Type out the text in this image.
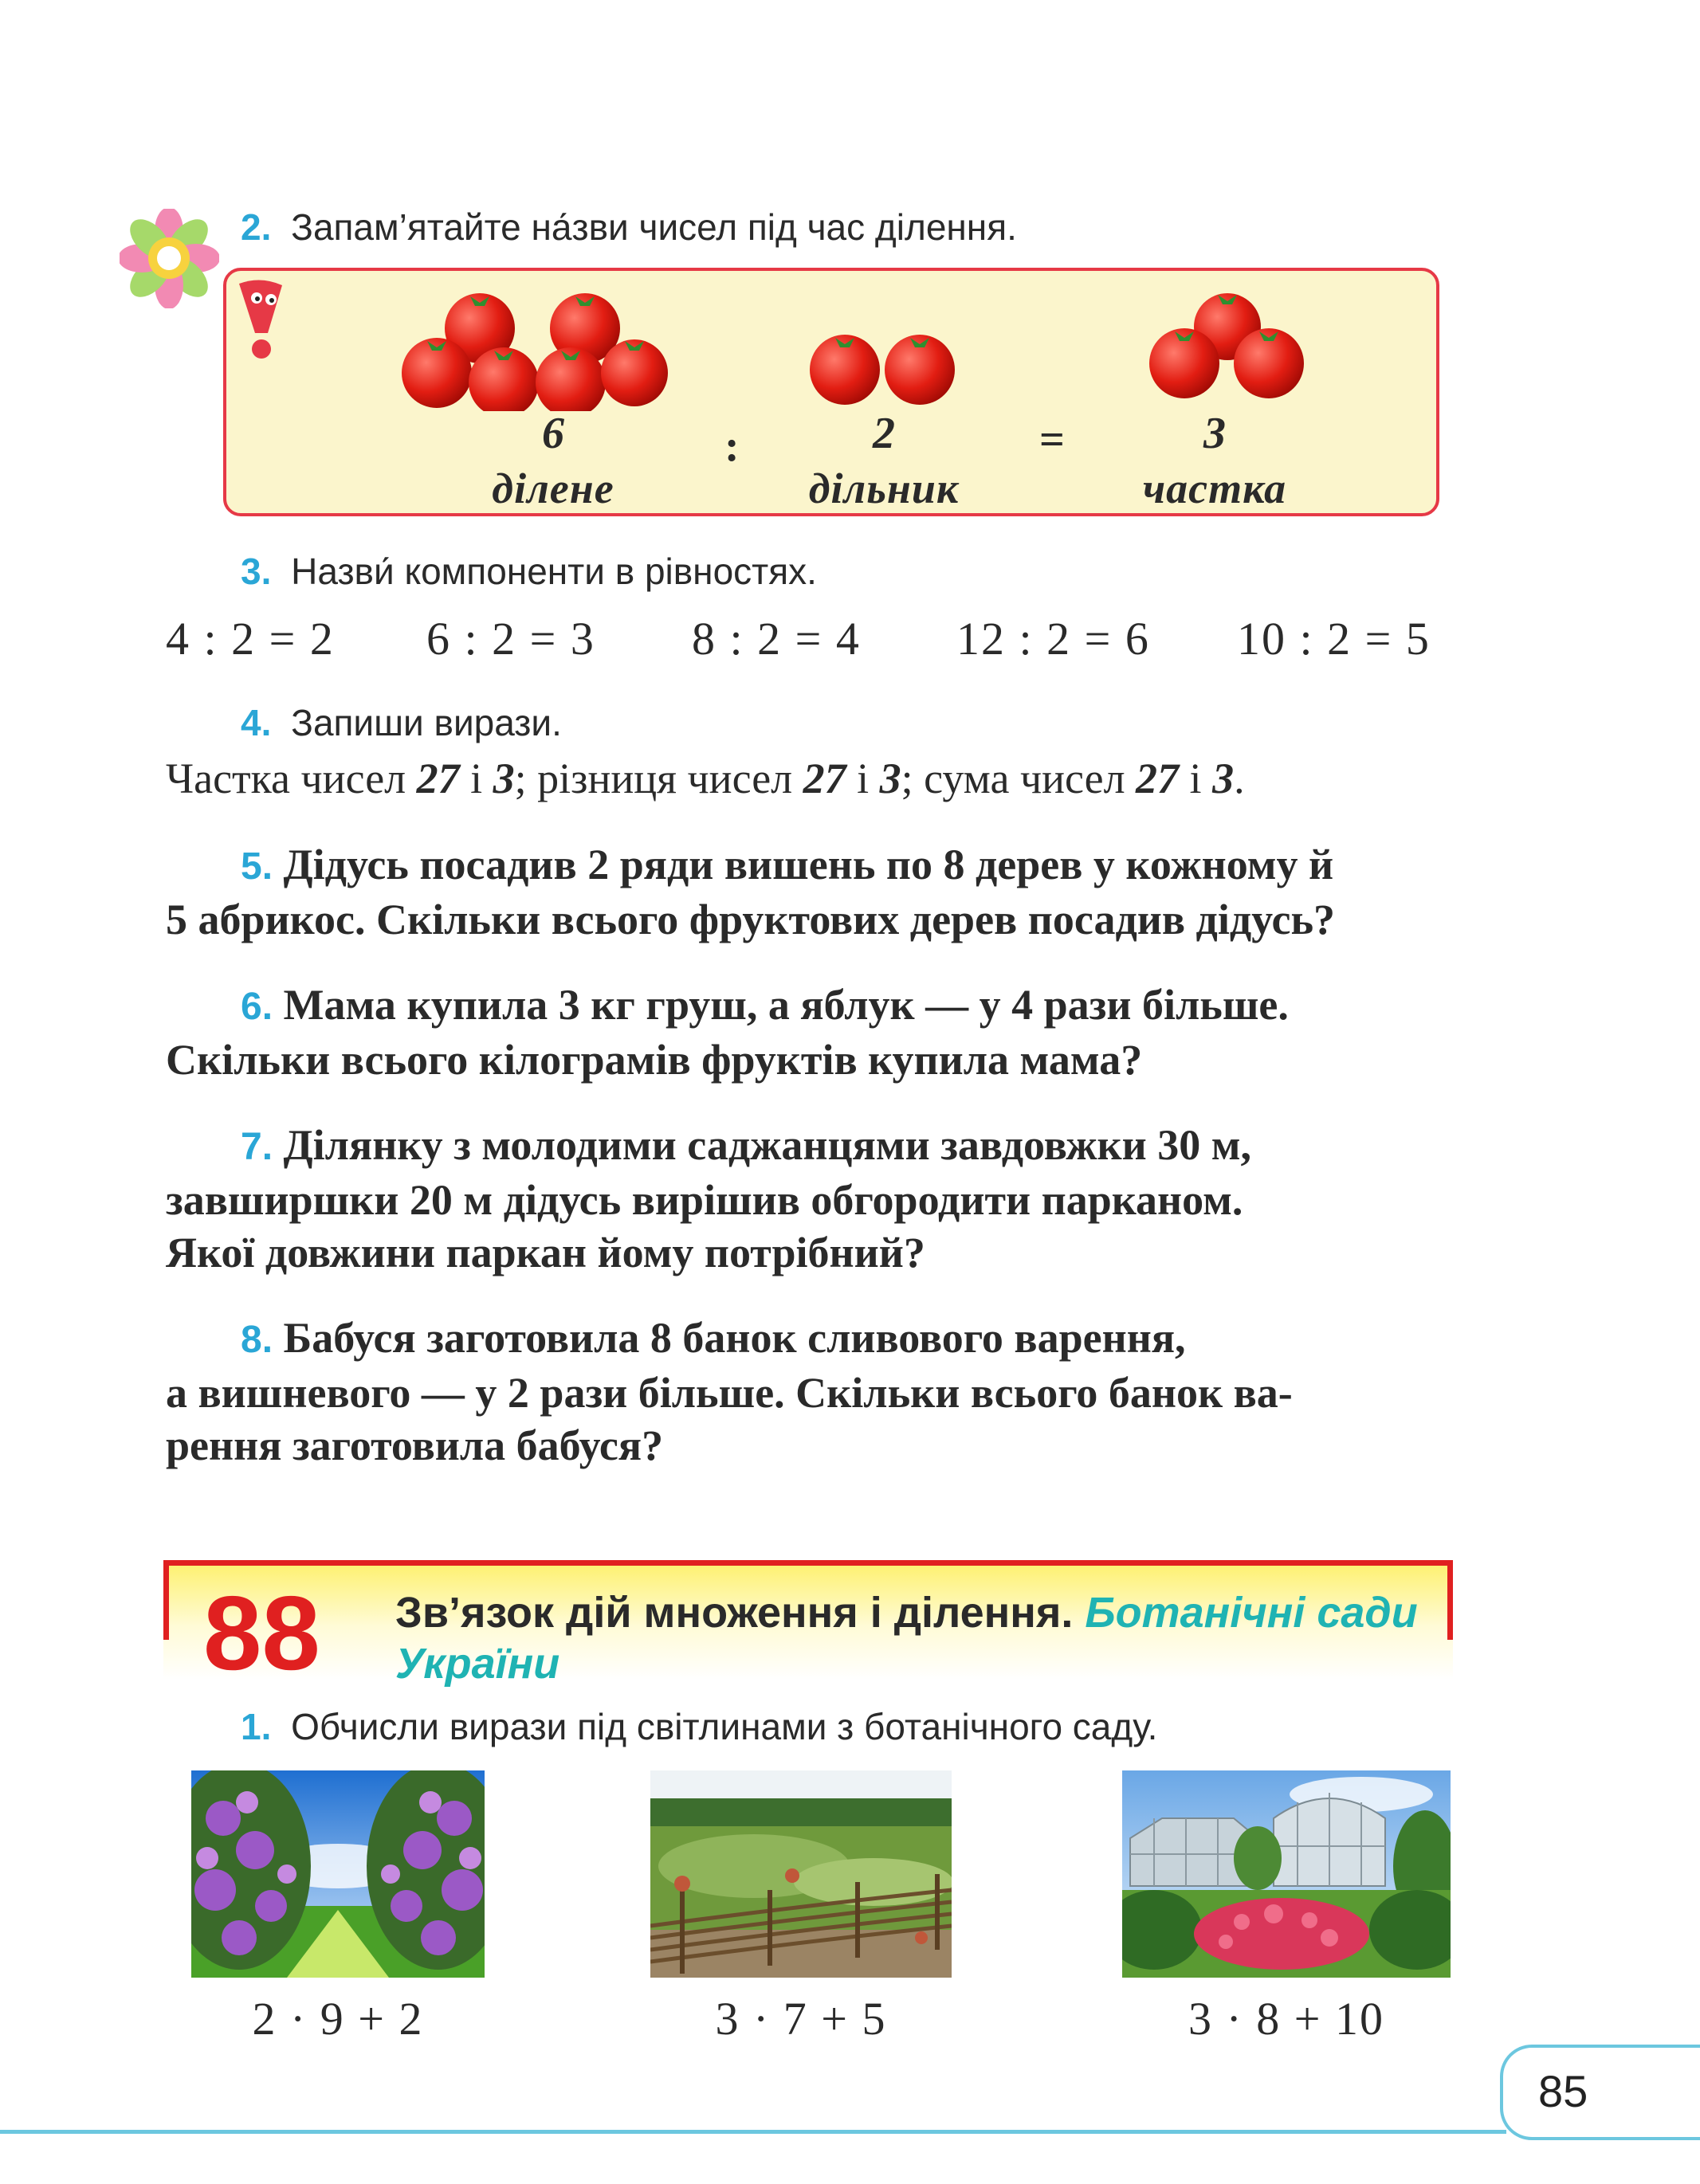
2. Запам’ятайте на́зви чисел під час ділення.
6
ділене
:	2
дільник
=	3
частка
3. Назви́ компоненти в рівностях.
4 : 2 = 2 6 : 2 = 3 8 : 2 = 4 12 : 2 = 6 10 : 2 = 5
4. Запиши вирази.
Частка чисел 27 і 3; різниця чисел 27 і 3; сума чисел 27 і 3.
5. Дідусь посадив 2 ряди вишень по 8 дерев у кожному й
5 абрикос. Скільки всього фруктових дерев посадив дідусь?
6. Мама купила 3 кг груш, а яблук — у 4 рази більше.
Скільки всього кілограмів фруктів купила мама?
7. Ділянку з молодими саджанцями завдовжки 30 м,
завширшки 20 м дідусь вирішив обгородити парканом.
Якої довжини паркан йому потрібний?
8. Бабуся заготовила 8 банок сливового варення,
а вишневого — у 2 рази більше. Скільки всього банок ва-
рення заготовила бабуся?
88 Зв’язок дій множення і ділення. Ботанічні сади України
1. Обчисли вирази під світлинами з ботанічного саду.
2 · 9 + 2	3 · 7 + 5	3 · 8 + 10
85
